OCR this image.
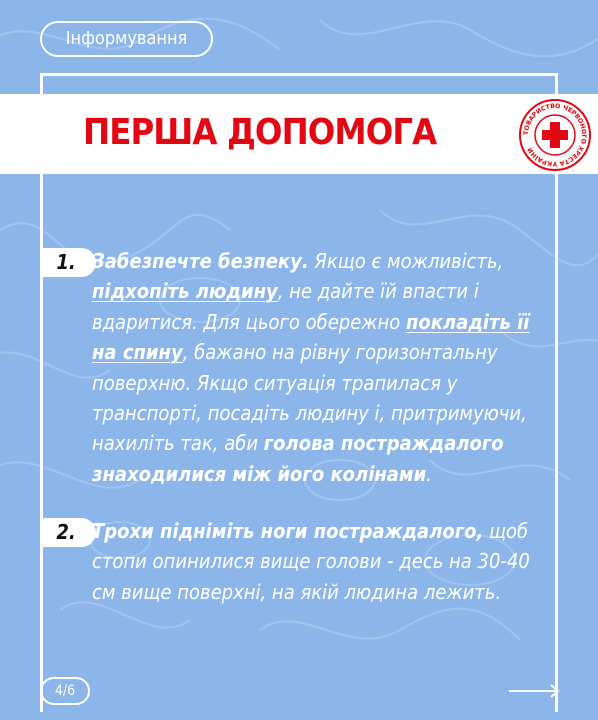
Інформування
ПЕРША ДОПОМОГА	ТОВАРИСТВО ЧЕРВОНОГО ХРЕСТА УКРАЇНИ
1. Забезпечте безпеку. Якщо є можливість, підхопіть людину, не дайте їй впасти і вдаритися. Для цього обережно покладіть її на спину, бажано на рівну горизонтальну поверхню. Якщо ситуація трапилася у транспорті, посадіть людину і, притримуючи, нахиліть так, аби голова постраждалого знаходилися між його колінами.

2. Трохи підніміть ноги постраждалого, щоб стопи опинилися вище голови - десь на 30-40 см вище поверхні, на якій людина лежить.

4/6
